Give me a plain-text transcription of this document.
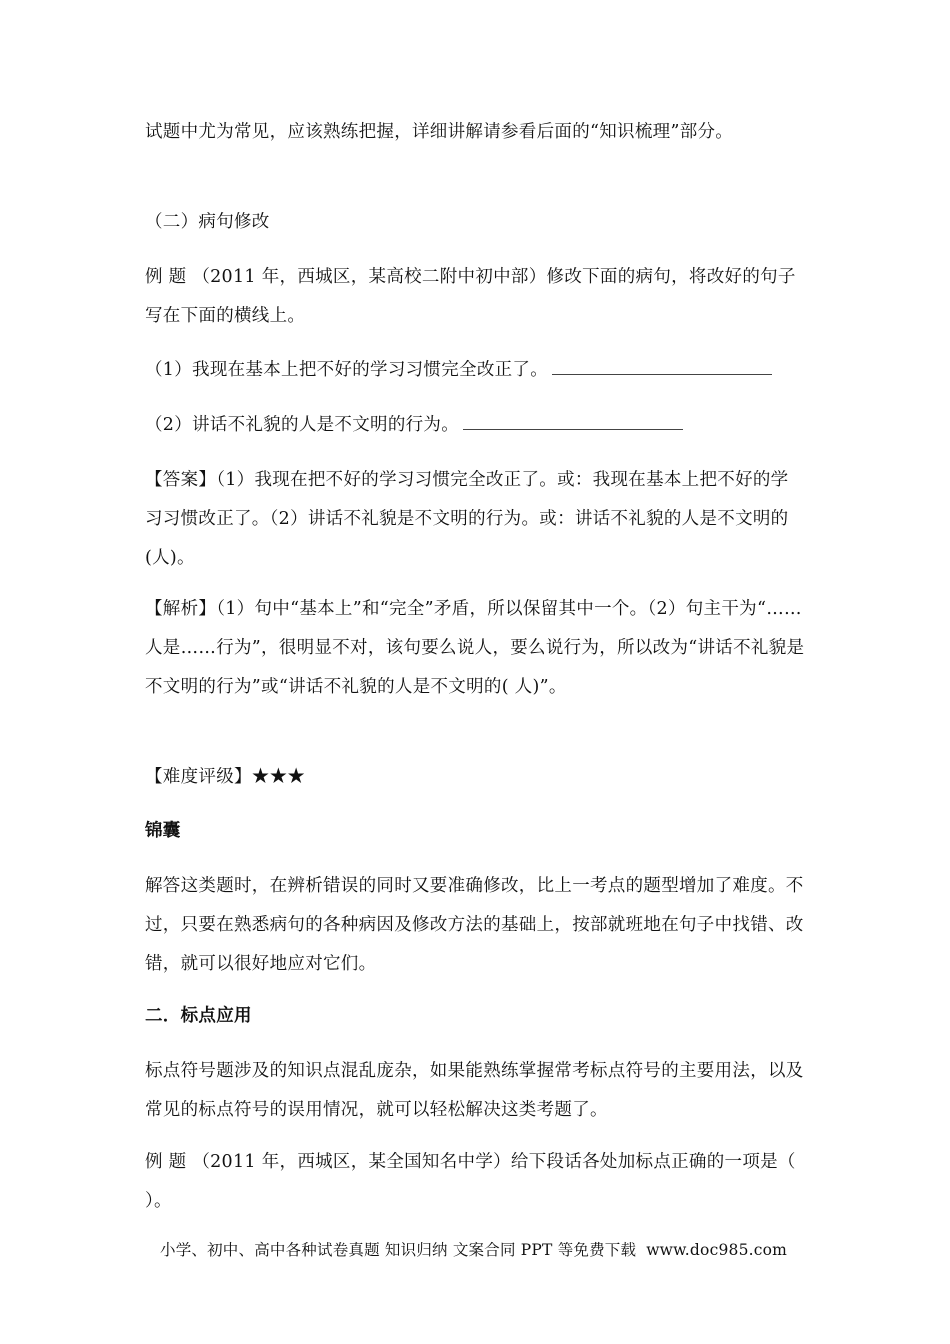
试题中尤为常见，应该熟练把握，详细讲解请参看后面的“知识梳理”部分。
（二）病句修改
例 题 （2011 年，西城区，某高校二附中初中部）修改下面的病句，将改好的句子写在下面的横线上。
（1）我现在基本上把不好的学习习惯完全改正了。
（2）讲话不礼貌的人是不文明的行为。
【答案】（1）我现在把不好的学习习惯完全改正了。或：我现在基本上把不好的学习习惯改正了。（2）讲话不礼貌是不文明的行为。或：讲话不礼貌的人是不文明的(人)。
【解析】（1）句中“基本上”和“完全”矛盾，所以保留其中一个。（2）句主干为“……人是……行为”，很明显不对，该句要么说人，要么说行为，所以改为“讲话不礼貌是不文明的行为”或“讲话不礼貌的人是不文明的( 人)”。
【难度评级】★★★
锦囊
解答这类题时，在辨析错误的同时又要准确修改，比上一考点的题型增加了难度。不过，只要在熟悉病句的各种病因及修改方法的基础上，按部就班地在句子中找错、改错，就可以很好地应对它们。
二．标点应用
标点符号题涉及的知识点混乱庞杂，如果能熟练掌握常考标点符号的主要用法，以及常见的标点符号的误用情况，就可以轻松解决这类考题了。
例 题 （2011 年，西城区，某全国知名中学）给下段话各处加标点正确的一项是（ ）。
小学、初中、高中各种试卷真题 知识归纳 文案合同 PPT 等免费下载 www.doc985.com
